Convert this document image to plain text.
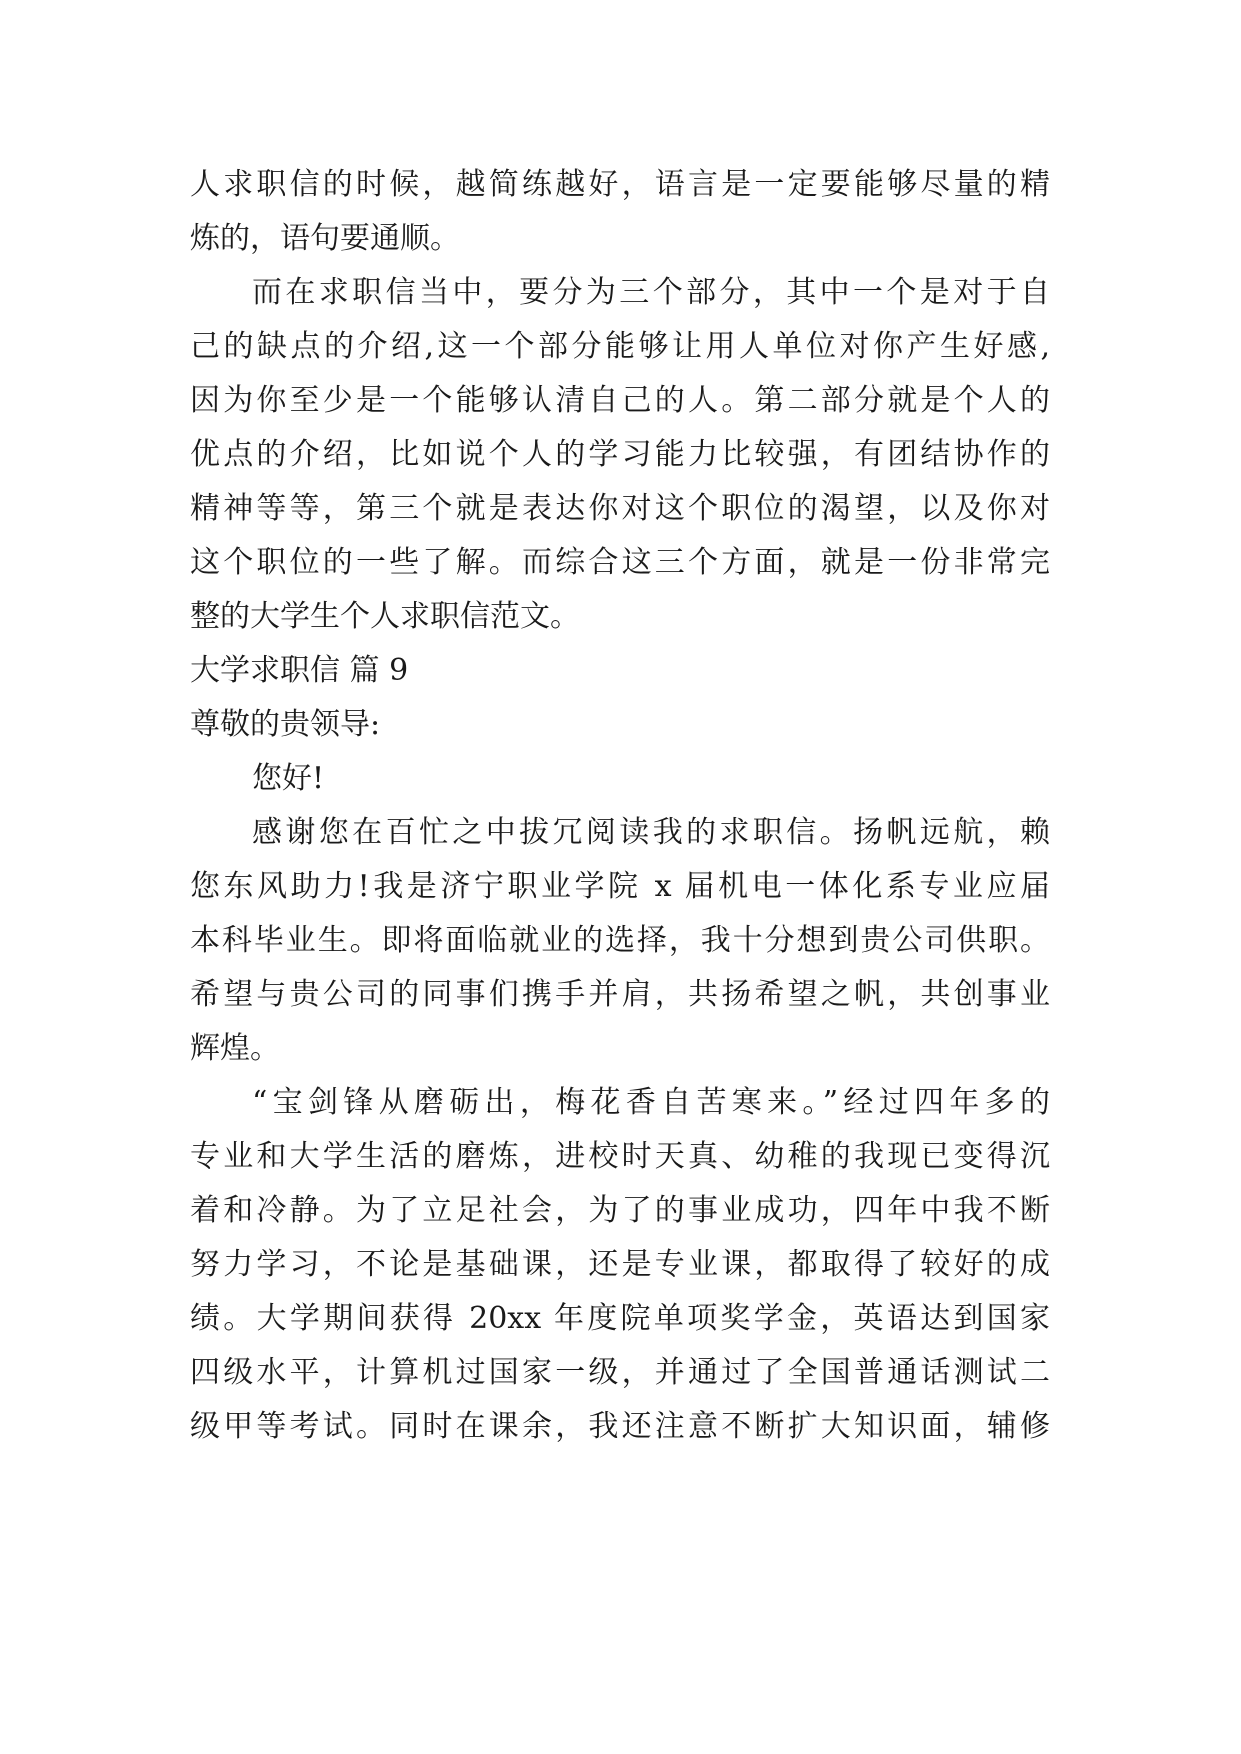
人求职信的时候，越简练越好，语言是一定要能够尽量的精
炼的，语句要通顺。
而在求职信当中，要分为三个部分，其中一个是对于自
己的缺点的介绍,这一个部分能够让用人单位对你产生好感,
因为你至少是一个能够认清自己的人。第二部分就是个人的
优点的介绍，比如说个人的学习能力比较强，有团结协作的
精神等等，第三个就是表达你对这个职位的渴望，以及你对
这个职位的一些了解。而综合这三个方面，就是一份非常完
整的大学生个人求职信范文。
大学求职信 篇 9
尊敬的贵领导:
您好!
感谢您在百忙之中拔冗阅读我的求职信。扬帆远航，赖
您东风助力!我是济宁职业学院 x 届机电一体化系专业应届
本科毕业生。即将面临就业的选择，我十分想到贵公司供职。
希望与贵公司的同事们携手并肩，共扬希望之帆，共创事业
辉煌。
“宝剑锋从磨砺出，梅花香自苦寒来。”经过四年多的
专业和大学生活的磨炼，进校时天真、幼稚的我现已变得沉
着和冷静。为了立足社会，为了的事业成功，四年中我不断
努力学习，不论是基础课，还是专业课，都取得了较好的成
绩。大学期间获得 20xx 年度院单项奖学金，英语达到国家
四级水平，计算机过国家一级，并通过了全国普通话测试二
级甲等考试。同时在课余，我还注意不断扩大知识面，辅修
